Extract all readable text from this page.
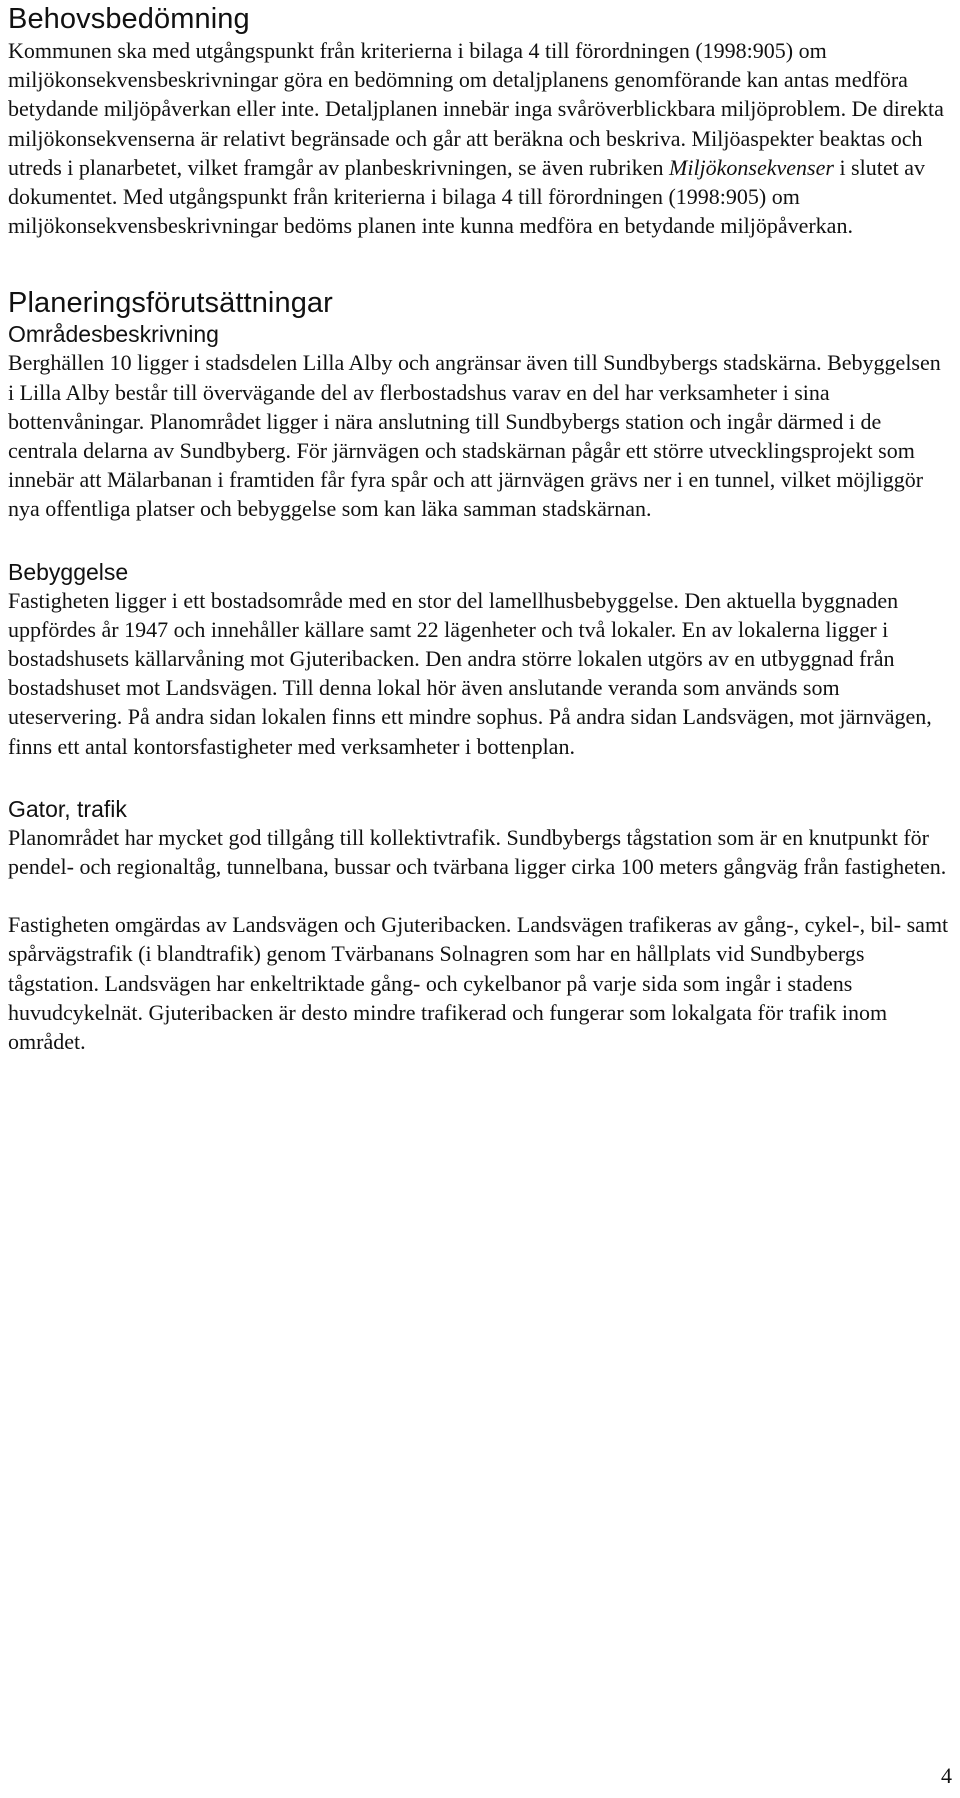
Behovsbedömning

Kommunen ska med utgångspunkt från kriterierna i bilaga 4 till förordningen (1998:905) om miljökonsekvensbeskrivningar göra en bedömning om detaljplanens genomförande kan antas medföra betydande miljöpåverkan eller inte. Detaljplanen innebär inga svåröverblickbara miljöproblem. De direkta miljökonsekvenserna är relativt begränsade och går att beräkna och beskriva. Miljöaspekter beaktas och utreds i planarbetet, vilket framgår av planbeskrivningen, se även rubriken Miljökonsekvenser i slutet av dokumentet. Med utgångspunkt från kriterierna i bilaga 4 till förordningen (1998:905) om miljökonsekvensbeskrivningar bedöms planen inte kunna medföra en betydande miljöpåverkan.

Planeringsförutsättningar
Områdesbeskrivning

Berghällen 10 ligger i stadsdelen Lilla Alby och angränsar även till Sundbybergs stadskärna. Bebyggelsen i Lilla Alby består till övervägande del av flerbostadshus varav en del har verksamheter i sina bottenvåningar. Planområdet ligger i nära anslutning till Sundbybergs station och ingår därmed i de centrala delarna av Sundbyberg. För järnvägen och stadskärnan pågår ett större utvecklingsprojekt som innebär att Mälarbanan i framtiden får fyra spår och att järnvägen grävs ner i en tunnel, vilket möjliggör nya offentliga platser och bebyggelse som kan läka samman stadskärnan.

Bebyggelse

Fastigheten ligger i ett bostadsområde med en stor del lamellhusbebyggelse. Den aktuella byggnaden uppfördes år 1947 och innehåller källare samt 22 lägenheter och två lokaler. En av lokalerna ligger i bostadshusets källarvåning mot Gjuteribacken. Den andra större lokalen utgörs av en utbyggnad från bostadshuset mot Landsvägen. Till denna lokal hör även anslutande veranda som används som uteservering. På andra sidan lokalen finns ett mindre sophus. På andra sidan Landsvägen, mot järnvägen, finns ett antal kontorsfastigheter med verksamheter i bottenplan.

Gator, trafik

Planområdet har mycket god tillgång till kollektivtrafik. Sundbybergs tågstation som är en knutpunkt för pendel- och regionaltåg, tunnelbana, bussar och tvärbana ligger cirka 100 meters gångväg från fastigheten.

Fastigheten omgärdas av Landsvägen och Gjuteribacken. Landsvägen trafikeras av gång-, cykel-, bil- samt spårvägstrafik (i blandtrafik) genom Tvärbanans Solnagren som har en hållplats vid Sundbybergs tågstation. Landsvägen har enkeltriktade gång- och cykelbanor på varje sida som ingår i stadens huvudcykelnät. Gjuteribacken är desto mindre trafikerad och fungerar som lokalgata för trafik inom området.

4
